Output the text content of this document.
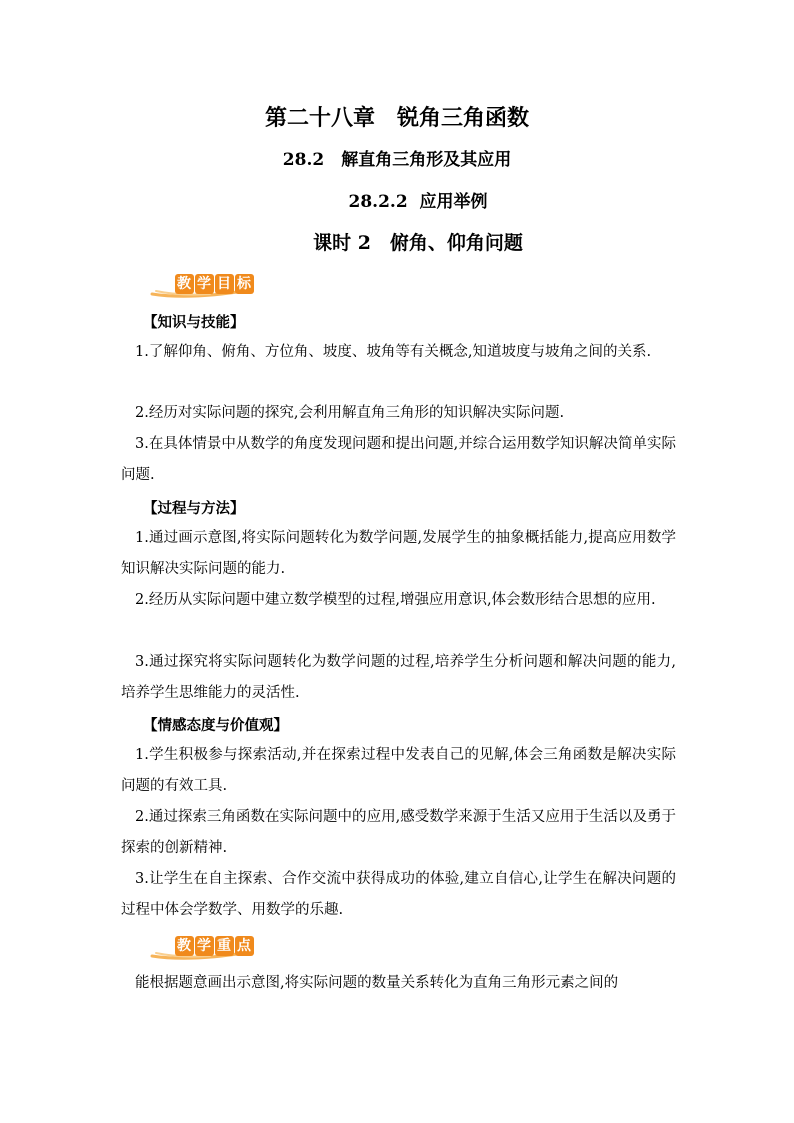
第二十八章　锐角三角函数
28.2　解直角三角形及其应用
28.2.2  应用举例
课时 2　俯角、仰角问题
教 学 目 标
【知识与技能】
1.了解仰角、俯角、方位角、坡度、坡角等有关概念,知道坡度与坡角之间的关系.
2.经历对实际问题的探究,会利用解直角三角形的知识解决实际问题.
3.在具体情景中从数学的角度发现问题和提出问题,并综合运用数学知识解决简单实际问题.
【过程与方法】
1.通过画示意图,将实际问题转化为数学问题,发展学生的抽象概括能力,提高应用数学知识解决实际问题的能力.
2.经历从实际问题中建立数学模型的过程,增强应用意识,体会数形结合思想的应用.
3.通过探究将实际问题转化为数学问题的过程,培养学生分析问题和解决问题的能力,培养学生思维能力的灵活性.
【情感态度与价值观】
1.学生积极参与探索活动,并在探索过程中发表自己的见解,体会三角函数是解决实际问题的有效工具.
2.通过探索三角函数在实际问题中的应用,感受数学来源于生活又应用于生活以及勇于探索的创新精神.
3.让学生在自主探索、合作交流中获得成功的体验,建立自信心,让学生在解决问题的过程中体会学数学、用数学的乐趣.
教 学 重 点
能根据题意画出示意图,将实际问题的数量关系转化为直角三角形元素之间的
